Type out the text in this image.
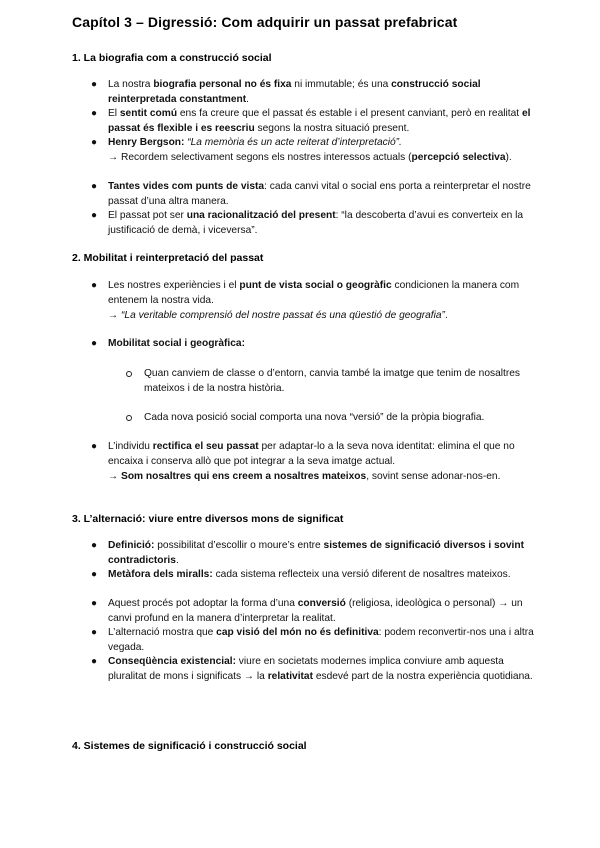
Capítol 3 – Digressió: Com adquirir un passat prefabricat
1. La biografia com a construcció social
● La nostra biografia personal no és fixa ni immutable; és una construcció social reinterpretada constantment.
● El sentit comú ens fa creure que el passat és estable i el present canviant, però en realitat el passat és flexible i es reescriu segons la nostra situació present.
● Henry Bergson: “La memòria és un acte reiterat d’interpretació”.
→ Recordem selectivament segons els nostres interessos actuals (percepció selectiva).
● Tantes vides com punts de vista: cada canvi vital o social ens porta a reinterpretar el nostre passat d’una altra manera.
● El passat pot ser una racionalització del present: “la descoberta d’avui es converteix en la justificació de demà, i viceversa”.
2. Mobilitat i reinterpretació del passat
● Les nostres experiències i el punt de vista social o geogràfic condicionen la manera com entenem la nostra vida.
→ “La veritable comprensió del nostre passat és una qüestió de geografia”.
● Mobilitat social i geogràfica:
Quan canviem de classe o d’entorn, canvia també la imatge que tenim de nosaltres mateixos i de la nostra història.
Cada nova posició social comporta una nova “versió” de la pròpia biografia.
● L’individu rectifica el seu passat per adaptar-lo a la seva nova identitat: elimina el que no encaixa i conserva allò que pot integrar a la seva imatge actual.
→ Som nosaltres qui ens creem a nosaltres mateixos, sovint sense adonar-nos-en.
3. L’alternació: viure entre diversos mons de significat
● Definició: possibilitat d’escollir o moure’s entre sistemes de significació diversos i sovint contradictoris.
● Metàfora dels miralls: cada sistema reflecteix una versió diferent de nosaltres mateixos.
● Aquest procés pot adoptar la forma d’una conversió (religiosa, ideològica o personal) → un canvi profund en la manera d’interpretar la realitat.
● L’alternació mostra que cap visió del món no és definitiva: podem reconvertir-nos una i altra vegada.
● Conseqüència existencial: viure en societats modernes implica conviure amb aquesta pluralitat de mons i significats → la relativitat esdevé part de la nostra experiència quotidiana.
4. Sistemes de significació i construcció social
